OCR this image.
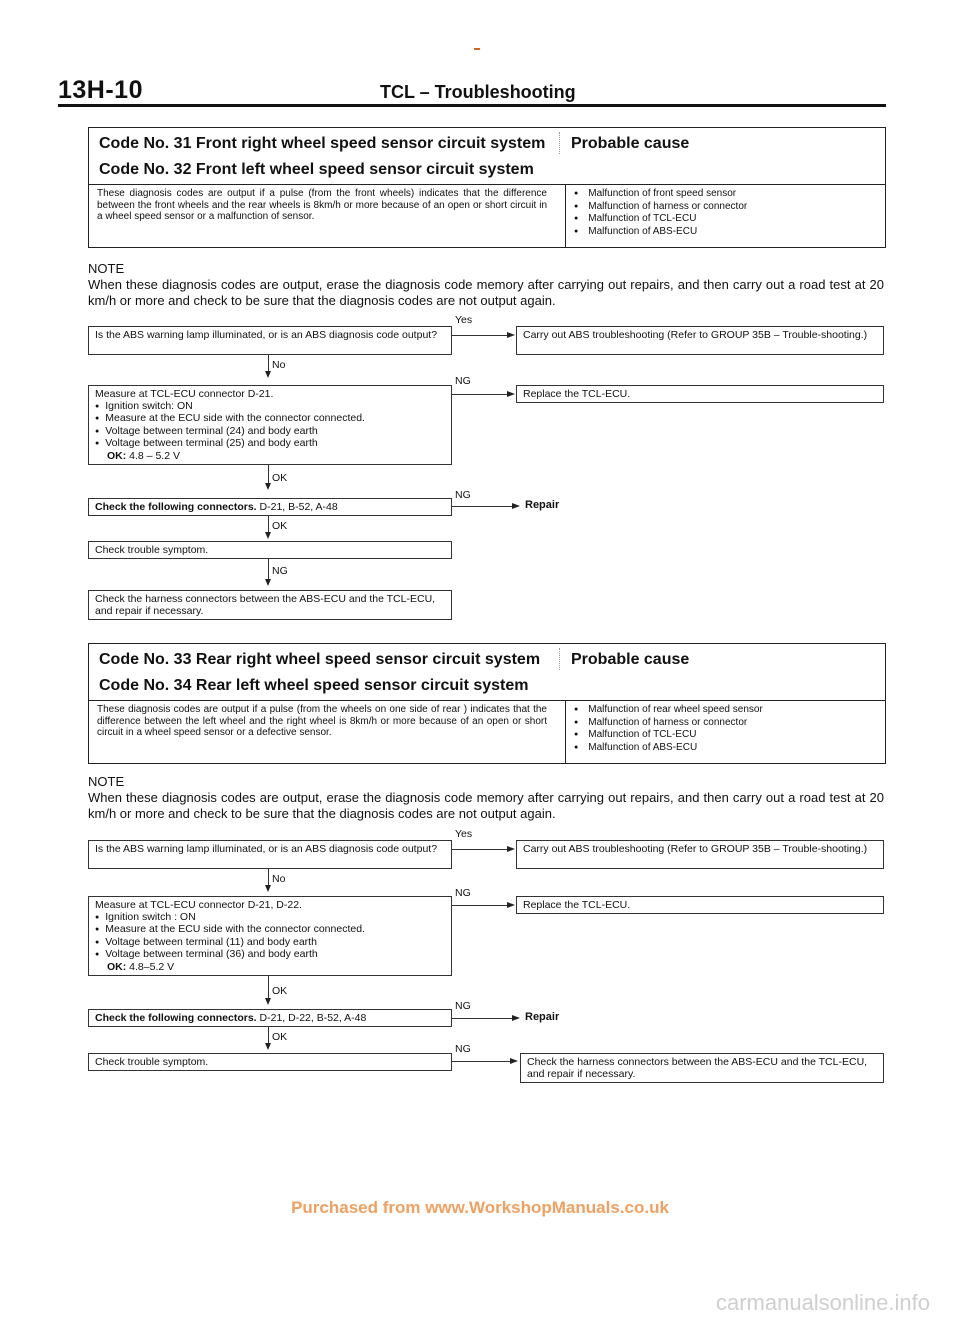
13H-10	TCL – Troubleshooting
Code No. 31 Front right wheel speed sensor circuit system
Code No. 32 Front left wheel speed sensor circuit system
Probable cause
These diagnosis codes are output if a pulse (from the front wheels) indicates that the difference between the front wheels and the rear wheels is 8km/h or more because of an open or short circuit in a wheel speed sensor or a malfunction of sensor.
● Malfunction of front speed sensor
● Malfunction of harness or connector
● Malfunction of TCL-ECU
● Malfunction of ABS-ECU
NOTE
When these diagnosis codes are output, erase the diagnosis code memory after carrying out repairs, and then carry out a road test at 20 km/h or more and check to be sure that the diagnosis codes are not output again.
Yes
Is the ABS warning lamp illuminated, or is an ABS diagnosis code output?	Carry out ABS troubleshooting (Refer to GROUP 35B – Trouble-shooting.)
No
NG
Measure at TCL-ECU connector D-21.
● Ignition switch: ON
● Measure at the ECU side with the connector connected.
● Voltage between terminal (24) and body earth
● Voltage between terminal (25) and body earth
OK: 4.8 – 5.2 V
Replace the TCL-ECU.
OK
NG
Check the following connectors. D-21, B-52, A-48	Repair
OK
Check trouble symptom.
NG
Check the harness connectors between the ABS-ECU and the TCL-ECU, and repair if necessary.
Code No. 33 Rear right wheel speed sensor circuit system
Code No. 34 Rear left wheel speed sensor circuit system
Probable cause
These diagnosis codes are output if a pulse (from the wheels on one side of rear ) indicates that the difference between the left wheel and the right wheel is 8km/h or more because of an open or short circuit in a wheel speed sensor or a defective sensor.
● Malfunction of rear wheel speed sensor
● Malfunction of harness or connector
● Malfunction of TCL-ECU
● Malfunction of ABS-ECU
NOTE
When these diagnosis codes are output, erase the diagnosis code memory after carrying out repairs, and then carry out a road test at 20 km/h or more and check to be sure that the diagnosis codes are not output again.
Yes
Is the ABS warning lamp illuminated, or is an ABS diagnosis code output?	Carry out ABS troubleshooting (Refer to GROUP 35B – Trouble-shooting.)
No
NG
Measure at TCL-ECU connector D-21, D-22.
● Ignition switch : ON
● Measure at the ECU side with the connector connected.
● Voltage between terminal (11) and body earth
● Voltage between terminal (36) and body earth
OK: 4.8–5.2 V
Replace the TCL-ECU.
OK
NG
Check the following connectors. D-21, D-22, B-52, A-48	Repair
OK
NG
Check trouble symptom.	Check the harness connectors between the ABS-ECU and the TCL-ECU, and repair if necessary.
Purchased from www.WorkshopManuals.co.uk
carmanualsonline.info
